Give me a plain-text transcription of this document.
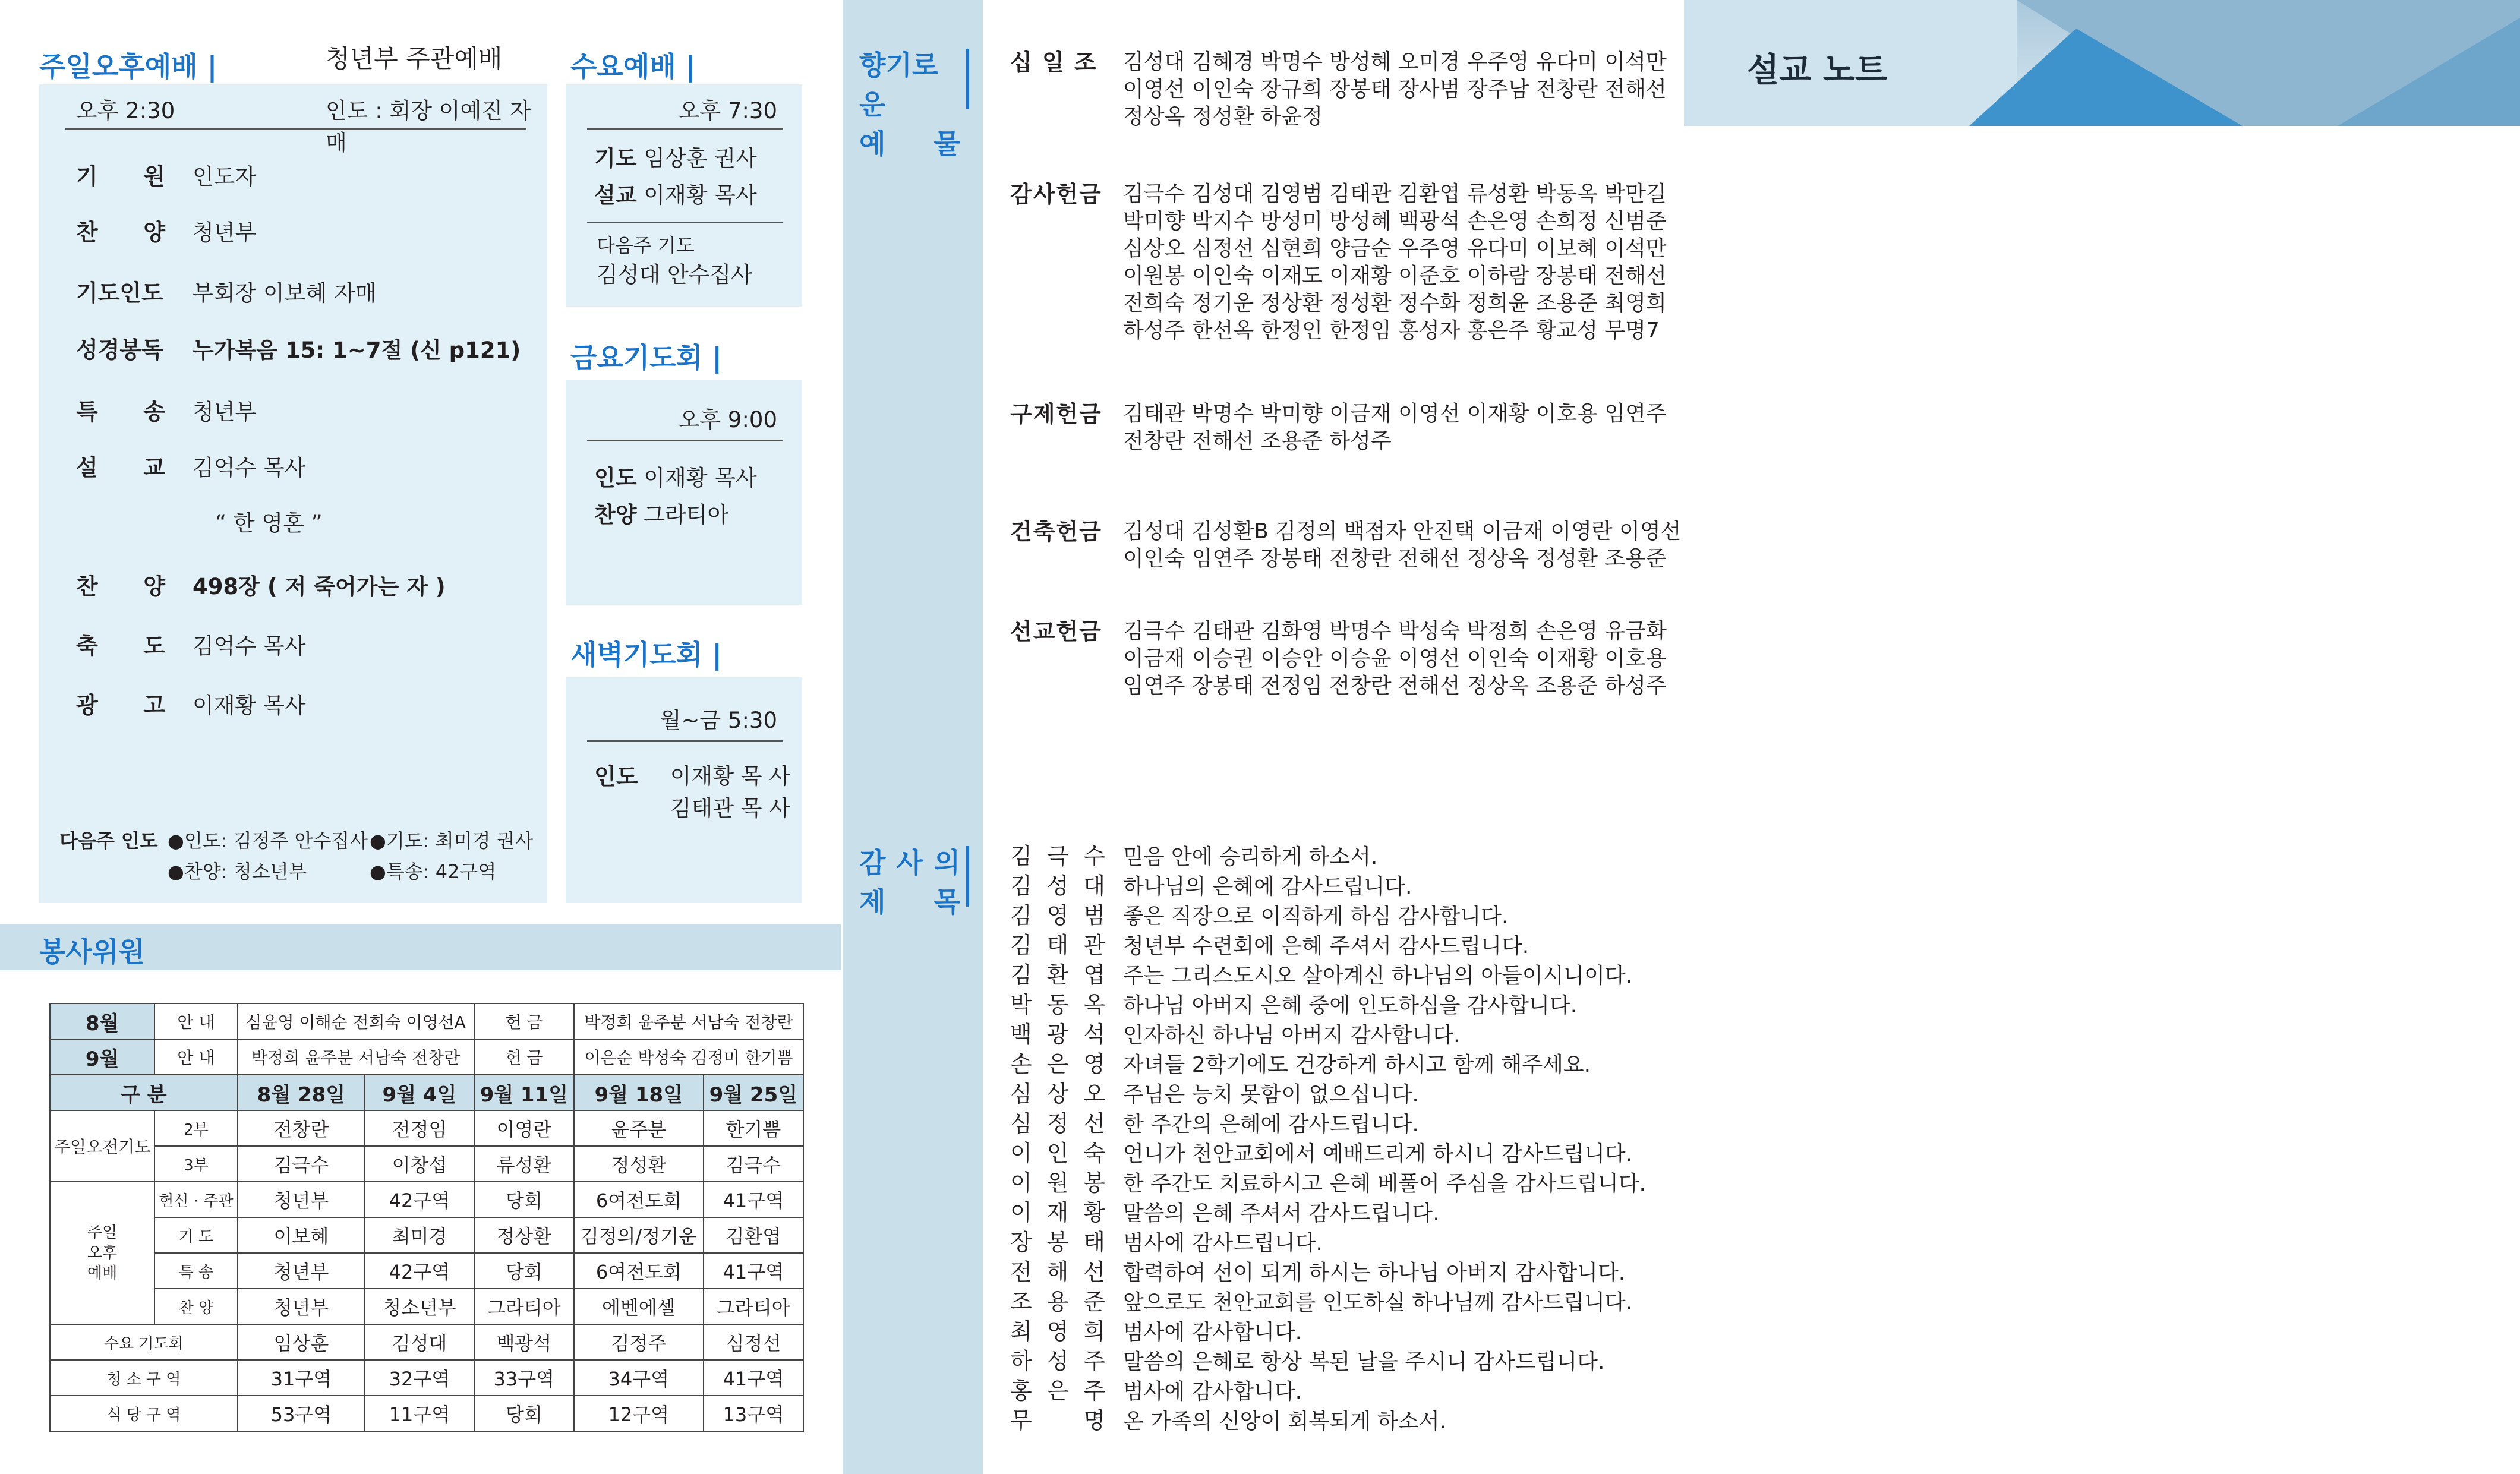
주일오후예배 |	청년부 주관예배
오후 2:30	인도 : 회장 이예진 자매
기 원 인도자
찬 양 청년부
기도인도	부회장 이보혜 자매
성경봉독	누가복음 15: 1~7절 (신 p121)
특 송 청년부
설 교 김억수 목사
“ 한 영혼 ”
찬 양 498장 ( 저 죽어가는 자 )
축 도 김억수 목사
광 고 이재황 목사
다음주 인도 ●인도: 김정주 안수집사 ●기도: 최미경 권사
●찬양: 청소년부	●특송: 42구역
수요예배 |
오후 7:30
기도 임상훈 권사
설교 이재황 목사
다음주 기도
김성대 안수집사
금요기도회 |
오후 9:00
인도 이재황 목사
찬양 그라티아
새벽기도회 |
월~금 5:30
인도 이재황 목 사
김태관 목 사
봉사위원
8월	안 내	심윤영 이해순 전희숙 이영선A		헌 금	박정희 윤주분 서남숙 전창란	
9월	안 내	박정희 윤주분 서남숙 전창란		헌 금	이은순 박성숙 김정미 한기쁨	
구 분		8월 28일	9월 4일	9월 11일	9월 18일	9월 25일
주일오전기도	2부	전창란	전정임	이영란	윤주분	한기쁨
	3부	김극수	이창섭	류성환	정성환	김극수
주일
오후
예배	헌신 · 주관	청년부	42구역	당회	6여전도회	41구역
	기 도	이보혜	최미경	정상환	김정의/정기운	김환엽
	특 송	청년부	42구역	당회	6여전도회	41구역
	찬 양	청년부	청소년부	그라티아	에벤에셀	그라티아
수요 기도회		임상훈	김성대	백광석	김정주	심정선
청 소 구 역		31구역	32구역	33구역	34구역	41구역
식 당 구 역		53구역	11구역	당회	12구역	13구역
향기로운
예 물
감 사 의
제 목
십 일 조	김성대 김혜경 박명수 방성혜 오미경 우주영 유다미 이석만
이영선 이인숙 장규희 장봉태 장사범 장주남 전창란 전해선
정상옥 정성환 하윤정
감사헌금 김극수 김성대 김영범 김태관 김환엽 류성환 박동옥 박만길
박미향 박지수 방성미 방성혜 백광석 손은영 손희정 신범준
심상오 심정선 심현희 양금순 우주영 유다미 이보혜 이석만
이원봉 이인숙 이재도 이재황 이준호 이하람 장봉태 전해선
전희숙 정기운 정상환 정성환 정수화 정희윤 조용준 최영희
하성주 한선옥 한정인 한정임 홍성자 홍은주 황교성 무명7
구제헌금 김태관 박명수 박미향 이금재 이영선 이재황 이호용 임연주
전창란 전해선 조용준 하성주
건축헌금 김성대 김성환B 김정의 백점자 안진택 이금재 이영란 이영선
이인숙 임연주 장봉태 전창란 전해선 정상옥 정성환 조용준
선교헌금 김극수 김태관 김화영 박명수 박성숙 박정희 손은영 유금화
이금재 이승권 이승안 이승윤 이영선 이인숙 이재황 이호용
임연주 장봉태 전정임 전창란 전해선 정상옥 조용준 하성주
김 극 수 믿음 안에 승리하게 하소서.
김 성 대 하나님의 은혜에 감사드립니다.
김 영 범 좋은 직장으로 이직하게 하심 감사합니다.
김 태 관 청년부 수련회에 은혜 주셔서 감사드립니다.
김 환 엽 주는 그리스도시오 살아계신 하나님의 아들이시니이다.
박 동 옥 하나님 아버지 은혜 중에 인도하심을 감사합니다.
백 광 석 인자하신 하나님 아버지 감사합니다.
손 은 영 자녀들 2학기에도 건강하게 하시고 함께 해주세요.
심 상 오 주님은 능치 못함이 없으십니다.
심 정 선 한 주간의 은혜에 감사드립니다.
이 인 숙 언니가 천안교회에서 예배드리게 하시니 감사드립니다.
이 원 봉 한 주간도 치료하시고 은혜 베풀어 주심을 감사드립니다.
이 재 황 말씀의 은혜 주셔서 감사드립니다.
장 봉 태 범사에 감사드립니다.
전 해 선 합력하여 선이 되게 하시는 하나님 아버지 감사합니다.
조 용 준 앞으로도 천안교회를 인도하실 하나님께 감사드립니다.
최 영 희 범사에 감사합니다.
하 성 주 말씀의 은혜로 항상 복된 날을 주시니 감사드립니다.
홍 은 주 범사에 감사합니다.
무 명 온 가족의 신앙이 회복되게 하소서.
설교 노트
